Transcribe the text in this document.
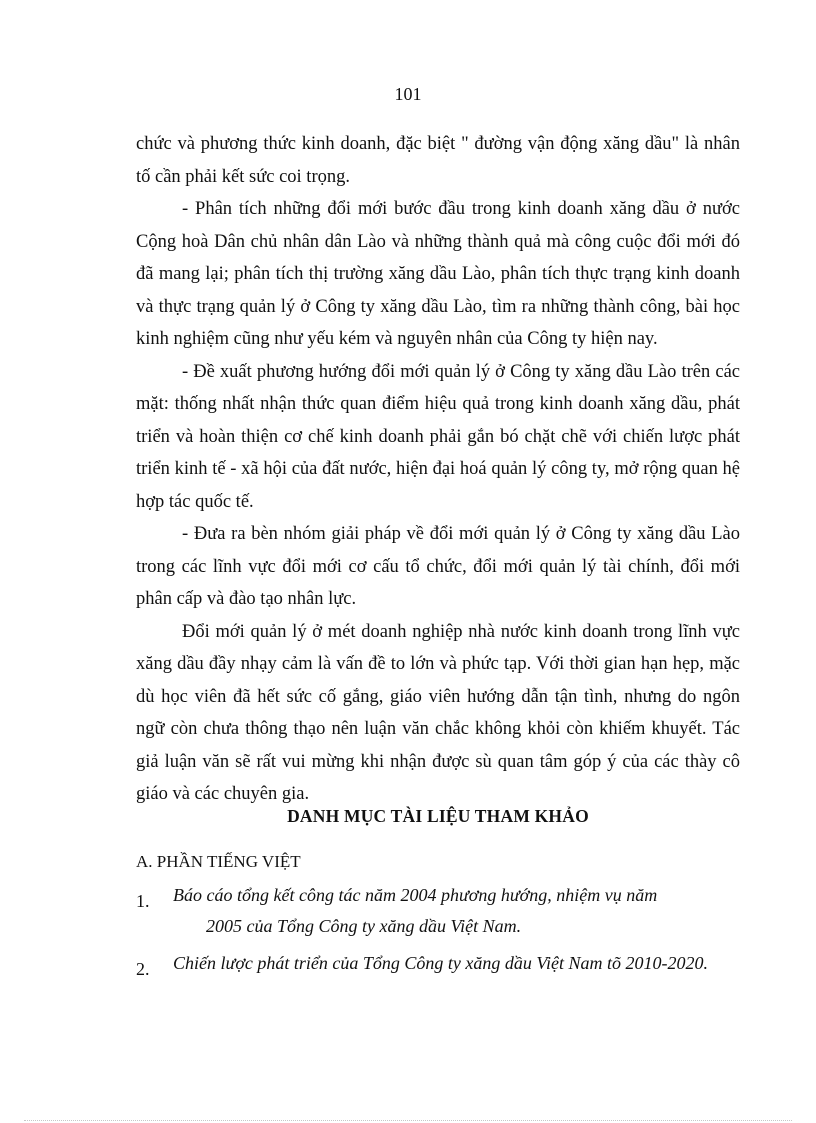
101

chức và phương thức kinh doanh, đặc biệt " đường vận động xăng dầu" là nhân tố cần phải kết sức coi trọng.

- Phân tích những đổi mới bước đầu trong kinh doanh xăng dầu ở nước Cộng hoà Dân chủ nhân dân Lào và những thành quả mà công cuộc đổi mới đó đã mang lại; phân tích thị trường xăng dầu Lào, phân tích thực trạng kinh doanh và thực trạng quản lý ở Công ty xăng dầu Lào, tìm ra những thành công, bài học kinh nghiệm cũng như yếu kém và nguyên nhân của Công ty hiện nay.

- Đề xuất phương hướng đổi mới quản lý ở Công ty xăng dầu Lào trên các mặt: thống nhất nhận thức quan điểm hiệu quả trong kinh doanh xăng dầu, phát triển và hoàn thiện cơ chế kinh doanh phải gắn bó chặt chẽ với chiến lược phát triển kinh tế - xã hội của đất nước, hiện đại hoá quản lý công ty, mở rộng quan hệ hợp tác quốc tế.

- Đưa ra bèn nhóm giải pháp về đổi mới quản lý ở Công ty xăng dầu Lào trong các lĩnh vực đổi mới cơ cấu tổ chức, đổi mới quản lý tài chính, đổi mới phân cấp và đào tạo nhân lực.

Đổi mới quản lý ở mét doanh nghiệp nhà nước kinh doanh trong lĩnh vực xăng dầu đầy nhạy cảm là vấn đề to lớn và phức tạp. Với thời gian hạn hẹp, mặc dù học viên đã hết sức cố gắng, giáo viên hướng dẫn tận tình, nhưng do ngôn ngữ còn chưa thông thạo nên luận văn chắc không khỏi còn khiếm khuyết. Tác giả luận văn sẽ rất vui mừng khi nhận được sù quan tâm góp ý của các thày cô giáo và các chuyên gia.

DANH MỤC TÀI LIỆU THAM KHẢO
A. PHẦN TIẾNG VIỆT
1.	Báo cáo tổng kết công tác năm 2004 phương hướng, nhiệm vụ năm
2005 của Tổng Công ty xăng dầu Việt Nam.
2.	Chiến lược phát triển của Tổng Công ty xăng dầu Việt Nam tõ 2010-2020.
